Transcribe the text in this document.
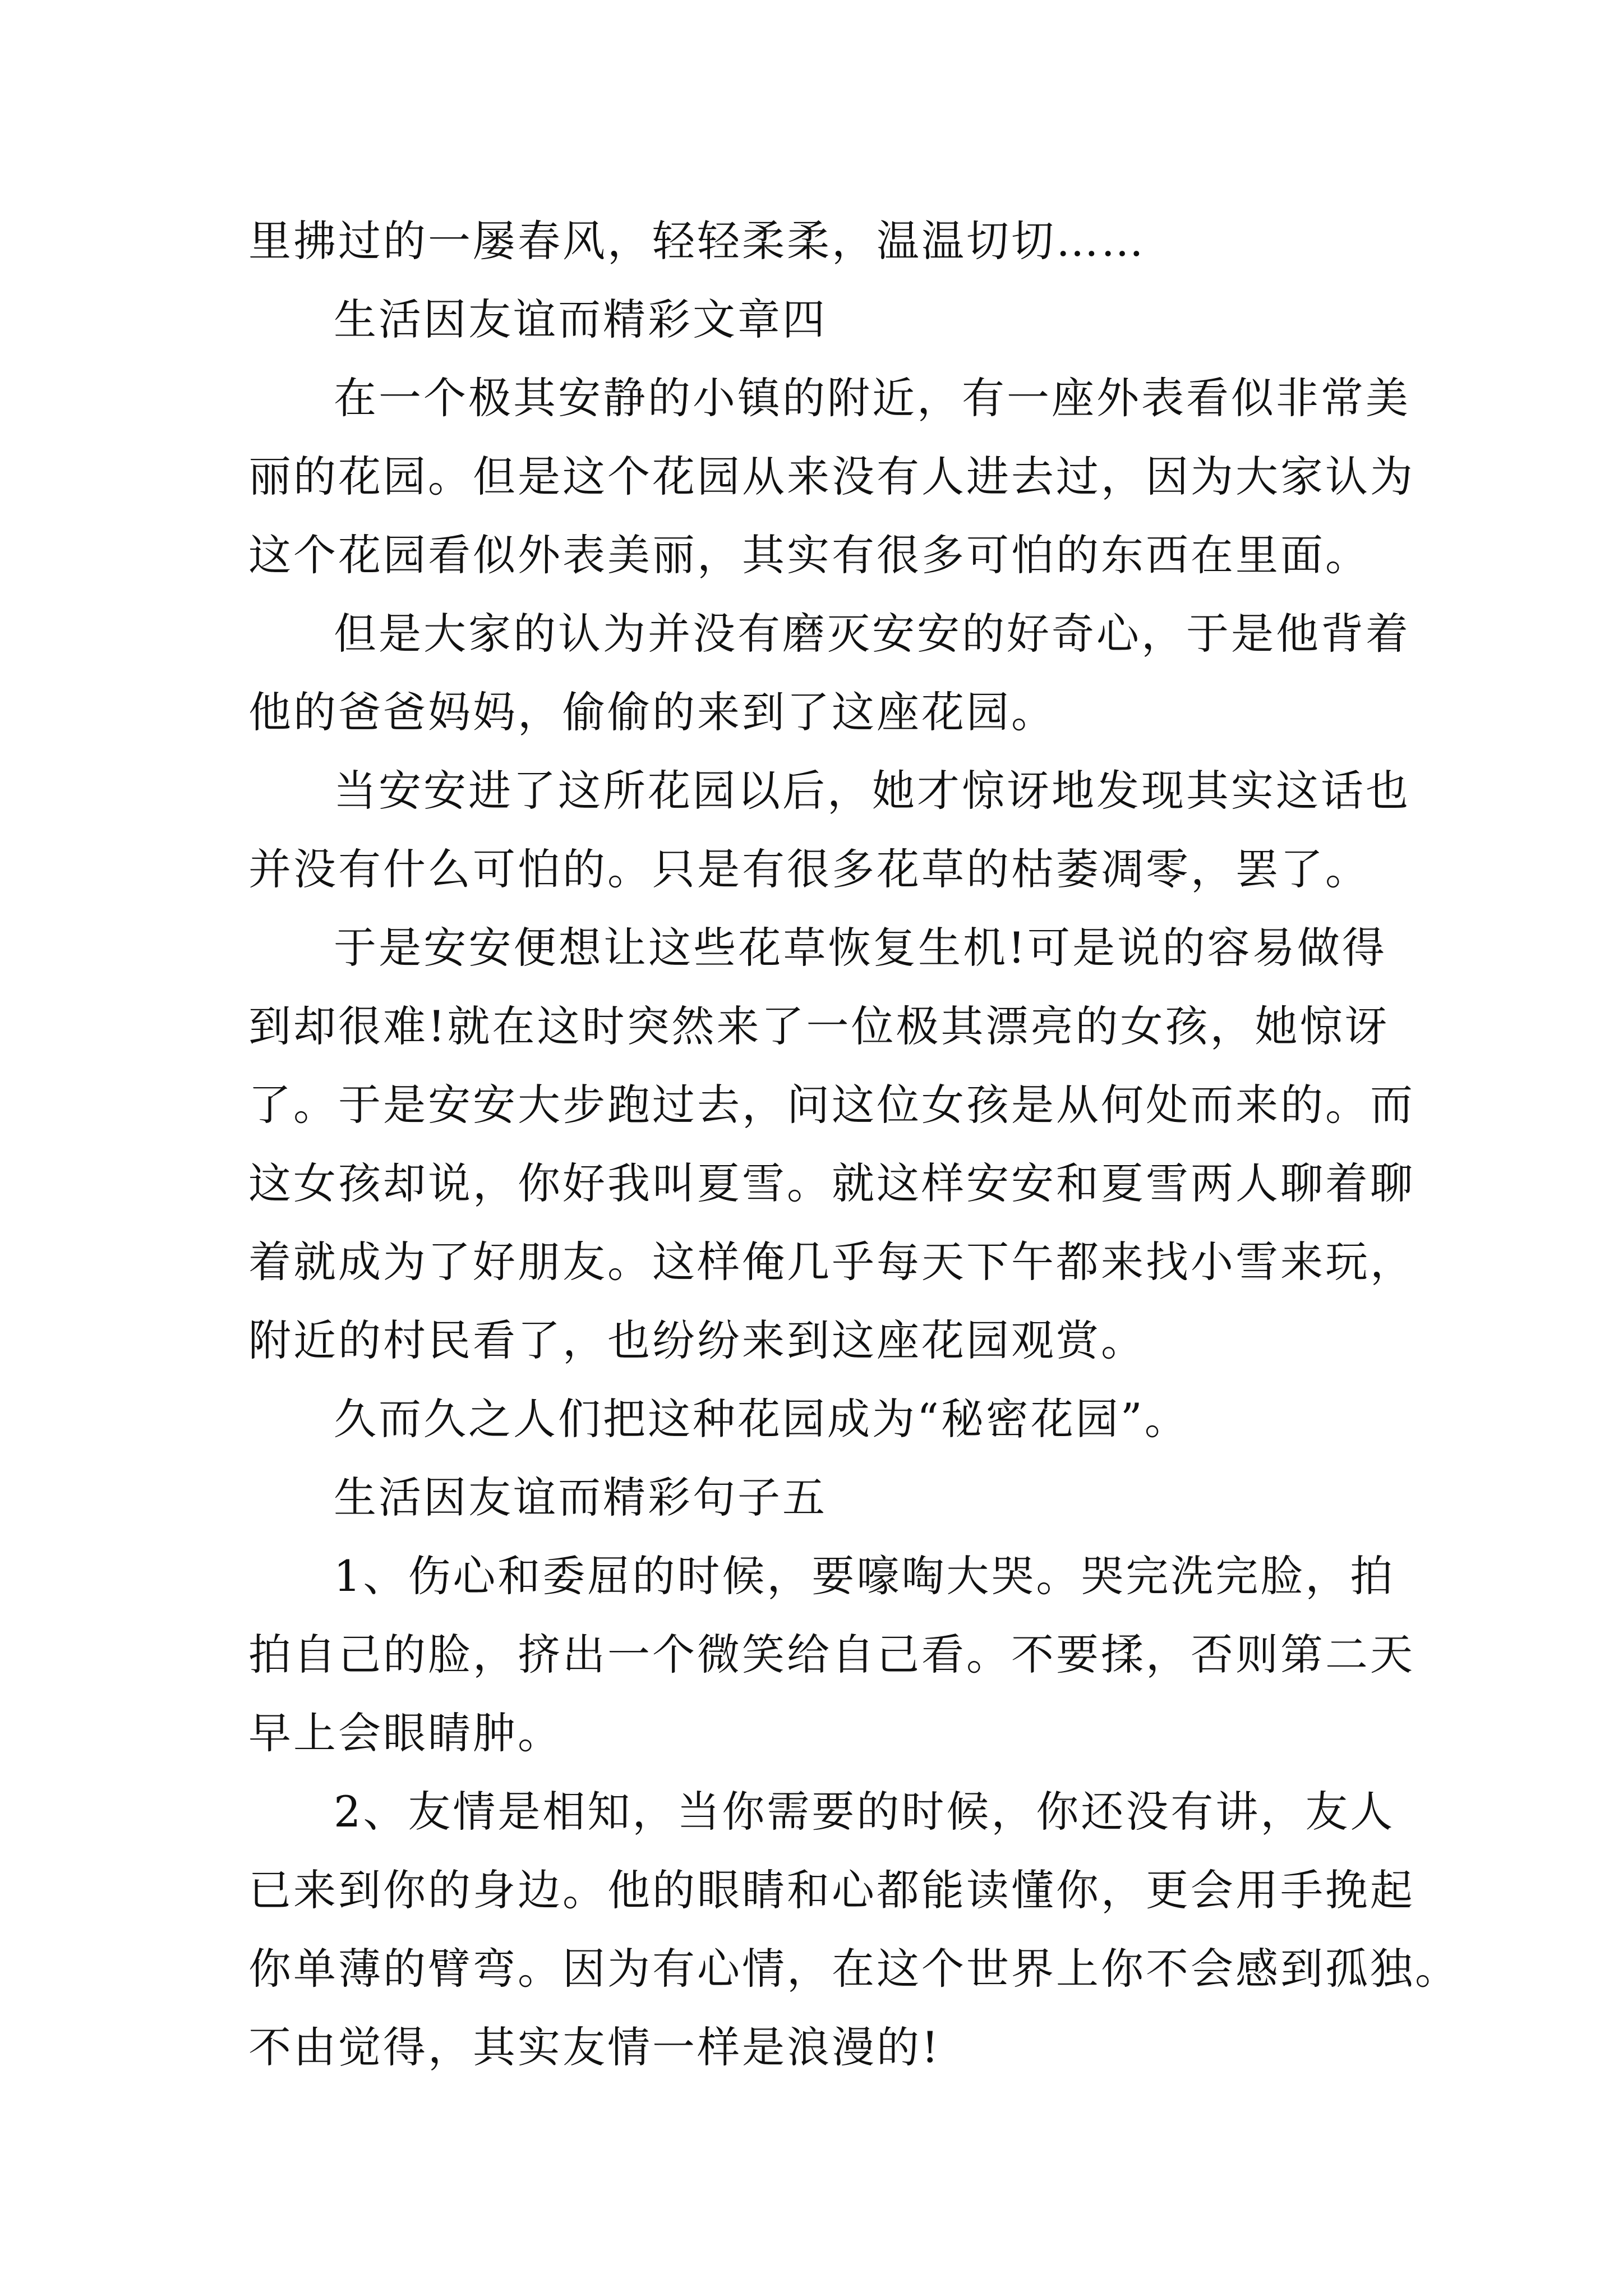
里拂过的一屡春风，轻轻柔柔，温温切切……

生活因友谊而精彩文章四

在一个极其安静的小镇的附近，有一座外表看似非常美

丽的花园。但是这个花园从来没有人进去过，因为大家认为

这个花园看似外表美丽，其实有很多可怕的东西在里面。

但是大家的认为并没有磨灭安安的好奇心，于是他背着

他的爸爸妈妈，偷偷的来到了这座花园。

当安安进了这所花园以后，她才惊讶地发现其实这话也

并没有什么可怕的。只是有很多花草的枯萎凋零，罢了。

于是安安便想让这些花草恢复生机!可是说的容易做得

到却很难!就在这时突然来了一位极其漂亮的女孩，她惊讶

了。于是安安大步跑过去，问这位女孩是从何处而来的。而

这女孩却说，你好我叫夏雪。就这样安安和夏雪两人聊着聊

着就成为了好朋友。这样俺几乎每天下午都来找小雪来玩，

附近的村民看了，也纷纷来到这座花园观赏。

久而久之人们把这种花园成为“秘密花园”。

生活因友谊而精彩句子五

1、伤心和委屈的时候，要嚎啕大哭。哭完洗完脸，拍

拍自己的脸，挤出一个微笑给自己看。不要揉，否则第二天

早上会眼睛肿。

2、友情是相知，当你需要的时候，你还没有讲，友人

已来到你的身边。他的眼睛和心都能读懂你，更会用手挽起

你单薄的臂弯。因为有心情，在这个世界上你不会感到孤独。

不由觉得，其实友情一样是浪漫的!
